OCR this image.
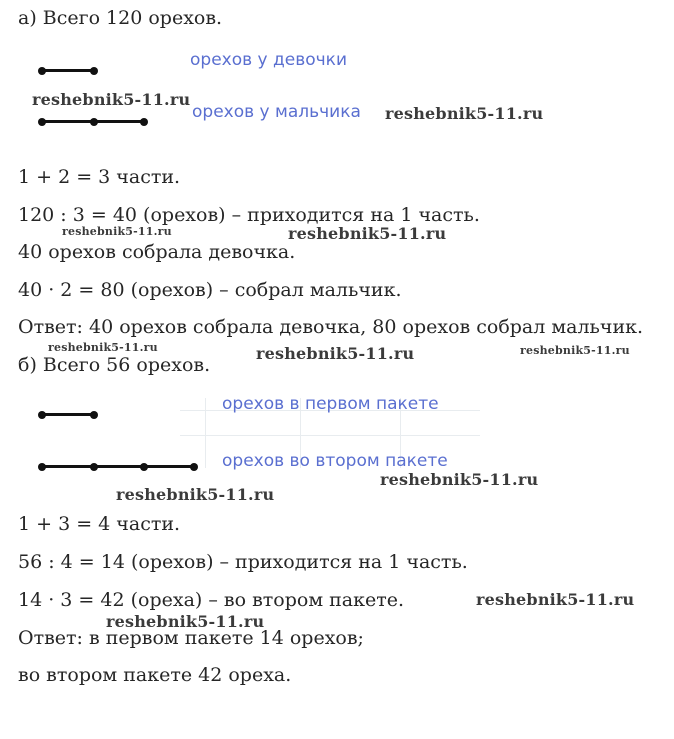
а) Всего 120 орехов.
орехов у девочки
орехов у мальчика
reshebnik5-11.ru
reshebnik5-11.ru
1 + 2 = 3 части.
120 : 3 = 40 (орехов) – приходится на 1 часть.
reshebnik5-11.ru	reshebnik5-11.ru
40 орехов собрала девочка.
40 · 2 = 80 (орехов) – собрал мальчик.
Ответ: 40 орехов собрала девочка, 80 орехов собрал мальчик.
reshebnik5-11.ru	reshebnik5-11.ru	reshebnik5-11.ru
б) Всего 56 орехов.
орехов в первом пакете
орехов во втором пакете
reshebnik5-11.ru
reshebnik5-11.ru
1 + 3 = 4 части.
56 : 4 = 14 (орехов) – приходится на 1 часть.
14 · 3 = 42 (ореха) – во втором пакете.	reshebnik5-11.ru
reshebnik5-11.ru
Ответ: в первом пакете 14 орехов;
во втором пакете 42 ореха.
